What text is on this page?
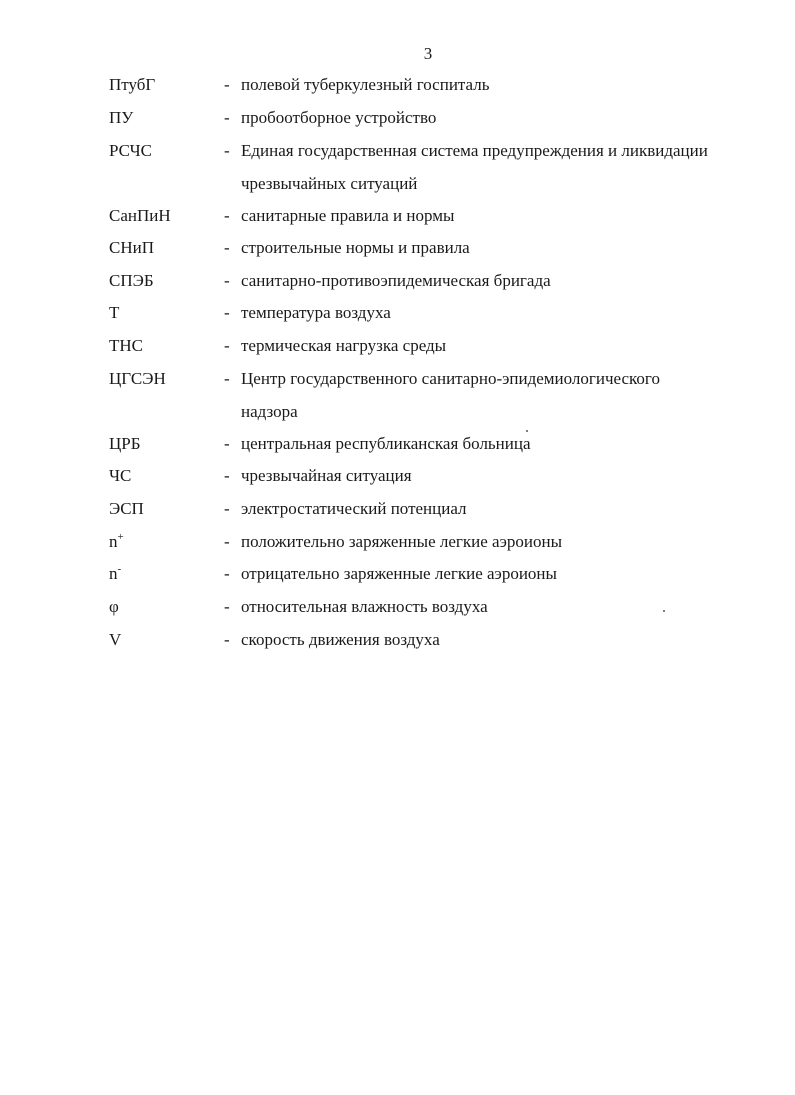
3
ПтубГ	- полевой туберкулезный госпиталь
ПУ	- пробоотборное устройство
РСЧС	- Единая государственная система предупреждения и ликвидации
чрезвычайных ситуаций
СанПиН	- санитарные правила и нормы
СНиП	- строительные нормы и правила
СПЭБ	- санитарно-противоэпидемическая бригада
Т	- температура воздуха
ТНС	- термическая нагрузка среды
ЦГСЭН	- Центр государственного санитарно-эпидемиологического
надзора
ЦРБ	- центральная республиканская больница
ЧС	- чрезвычайная ситуация
ЭСП	- электростатический потенциал
n+	- положительно заряженные легкие аэроионы
n-	- отрицательно заряженные легкие аэроионы
φ	- относительная влажность воздуха
V	- скорость движения воздуха
